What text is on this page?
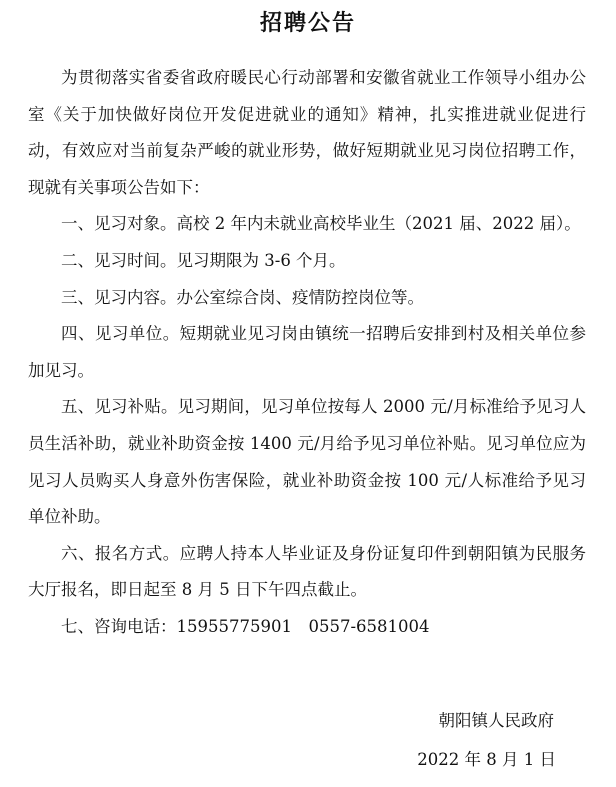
招聘公告

为贯彻落实省委省政府暖民心行动部署和安徽省就业工作领导小组办公室《关于加快做好岗位开发促进就业的通知》精神，扎实推进就业促进行动，有效应对当前复杂严峻的就业形势，做好短期就业见习岗位招聘工作，现就有关事项公告如下：

一、见习对象。高校 2 年内未就业高校毕业生（2021 届、2022 届）。

二、见习时间。见习期限为 3-6 个月。

三、见习内容。办公室综合岗、疫情防控岗位等。

四、见习单位。短期就业见习岗由镇统一招聘后安排到村及相关单位参加见习。

五、见习补贴。见习期间，见习单位按每人 2000 元/月标准给予见习人员生活补助，就业补助资金按 1400 元/月给予见习单位补贴。见习单位应为见习人员购买人身意外伤害保险，就业补助资金按 100 元/人标准给予见习单位补助。

六、报名方式。应聘人持本人毕业证及身份证复印件到朝阳镇为民服务大厅报名，即日起至 8 月 5 日下午四点截止。

七、咨询电话：15955775901　0557-6581004

朝阳镇人民政府
2022 年 8 月 1 日
